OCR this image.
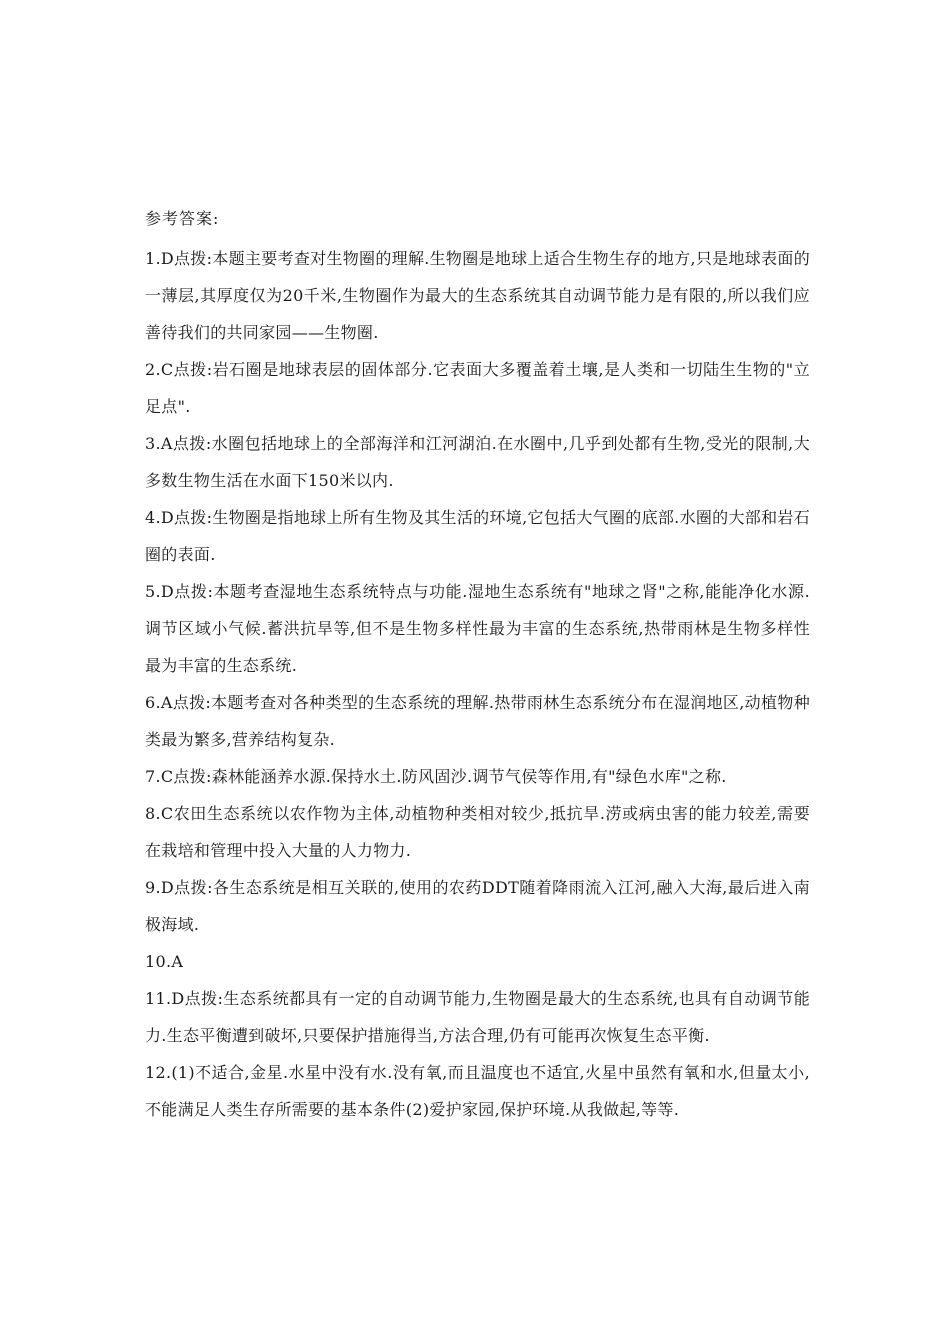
参考答案:

1.D点拨:本题主要考查对生物圈的理解.生物圈是地球上适合生物生存的地方,只是地球表面的一薄层,其厚度仅为20千米,生物圈作为最大的生态系统其自动调节能力是有限的,所以我们应善待我们的共同家园——生物圈.
2.C点拨:岩石圈是地球表层的固体部分.它表面大多覆盖着土壤,是人类和一切陆生生物的"立足点".
3.A点拨:水圈包括地球上的全部海洋和江河湖泊.在水圈中,几乎到处都有生物,受光的限制,大多数生物生活在水面下150米以内.
4.D点拨:生物圈是指地球上所有生物及其生活的环境,它包括大气圈的底部.水圈的大部和岩石圈的表面.
5.D点拨:本题考查湿地生态系统特点与功能.湿地生态系统有"地球之肾"之称,能能净化水源.调节区域小气候.蓄洪抗旱等,但不是生物多样性最为丰富的生态系统,热带雨林是生物多样性最为丰富的生态系统.
6.A点拨:本题考查对各种类型的生态系统的理解.热带雨林生态系统分布在湿润地区,动植物种类最为繁多,营养结构复杂.
7.C点拨:森林能涵养水源.保持水土.防风固沙.调节气侯等作用,有"绿色水库"之称.
8.C农田生态系统以农作物为主体,动植物种类相对较少,抵抗旱.涝或病虫害的能力较差,需要在栽培和管理中投入大量的人力物力.
9.D点拨:各生态系统是相互关联的,使用的农药DDT随着降雨流入江河,融入大海,最后进入南极海域.
10.A
11.D点拨:生态系统都具有一定的自动调节能力,生物圈是最大的生态系统,也具有自动调节能力.生态平衡遭到破坏,只要保护措施得当,方法合理,仍有可能再次恢复生态平衡.
12.(1)不适合,金星.水星中没有水.没有氧,而且温度也不适宜,火星中虽然有氧和水,但量太小,不能满足人类生存所需要的基本条件(2)爱护家园,保护环境.从我做起,等等.
